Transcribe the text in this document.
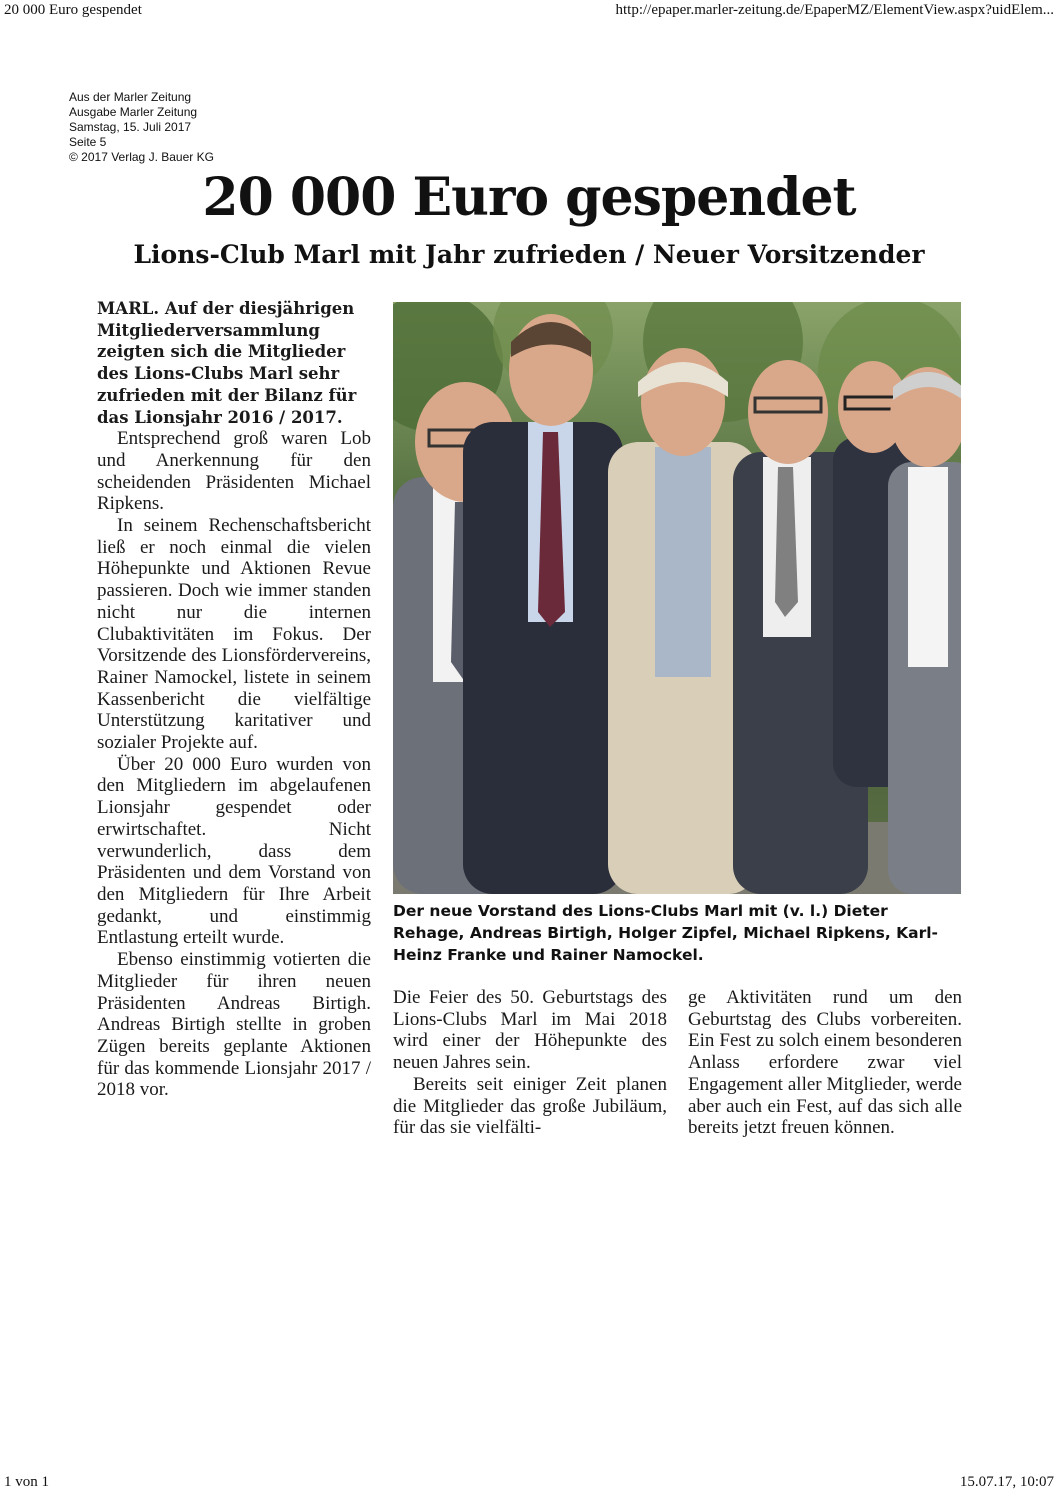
20 000 Euro gespendet	http://epaper.marler-zeitung.de/EpaperMZ/ElementView.aspx?uidElem...
Aus der Marler Zeitung
Ausgabe Marler Zeitung
Samstag, 15. Juli 2017
Seite 5
© 2017 Verlag J. Bauer KG
20 000 Euro gespendet
Lions-Club Marl mit Jahr zufrieden / Neuer Vorsitzender

MARL. Auf der diesjährigen Mitgliederversammlung zeigten sich die Mitglieder des Lions-Clubs Marl sehr zufrieden mit der Bilanz für das Lionsjahr 2016 / 2017.

Entsprechend groß waren Lob und Anerkennung für den scheidenden Präsidenten Michael Ripkens.

In seinem Rechenschaftsbericht ließ er noch einmal die vielen Höhepunkte und Aktionen Revue passieren. Doch wie immer standen nicht nur die internen Clubaktivitäten im Fokus. Der Vorsitzende des Lionsfördervereins, Rainer Namockel, listete in seinem Kassenbericht die vielfältige Unterstützung karitativer und sozialer Projekte auf.

Über 20 000 Euro wurden von den Mitgliedern im abgelaufenen Lionsjahr gespendet oder erwirtschaftet. Nicht verwunderlich, dass dem Präsidenten und dem Vorstand von den Mitgliedern für Ihre Arbeit gedankt, und einstimmig Entlastung erteilt wurde.

Ebenso einstimmig votierten die Mitglieder für ihren neuen Präsidenten Andreas Birtigh. Andreas Birtigh stellte in groben Zügen bereits geplante Aktionen für das kommende Lionsjahr 2017 / 2018 vor.

Der neue Vorstand des Lions-Clubs Marl mit (v. l.) Dieter Rehage, Andreas Birtigh, Holger Zipfel, Michael Ripkens, Karl-Heinz Franke und Rainer Namockel.

Die Feier des 50. Geburtstags des Lions-Clubs Marl im Mai 2018 wird einer der Höhepunkte des neuen Jahres sein.

Bereits seit einiger Zeit planen die Mitglieder das große Jubiläum, für das sie vielfälti-

ge Aktivitäten rund um den Geburtstag des Clubs vorbereiten. Ein Fest zu solch einem besonderen Anlass erfordere zwar viel Engagement aller Mitglieder, werde aber auch ein Fest, auf das sich alle bereits jetzt freuen können.

1 von 1	15.07.17, 10:07
